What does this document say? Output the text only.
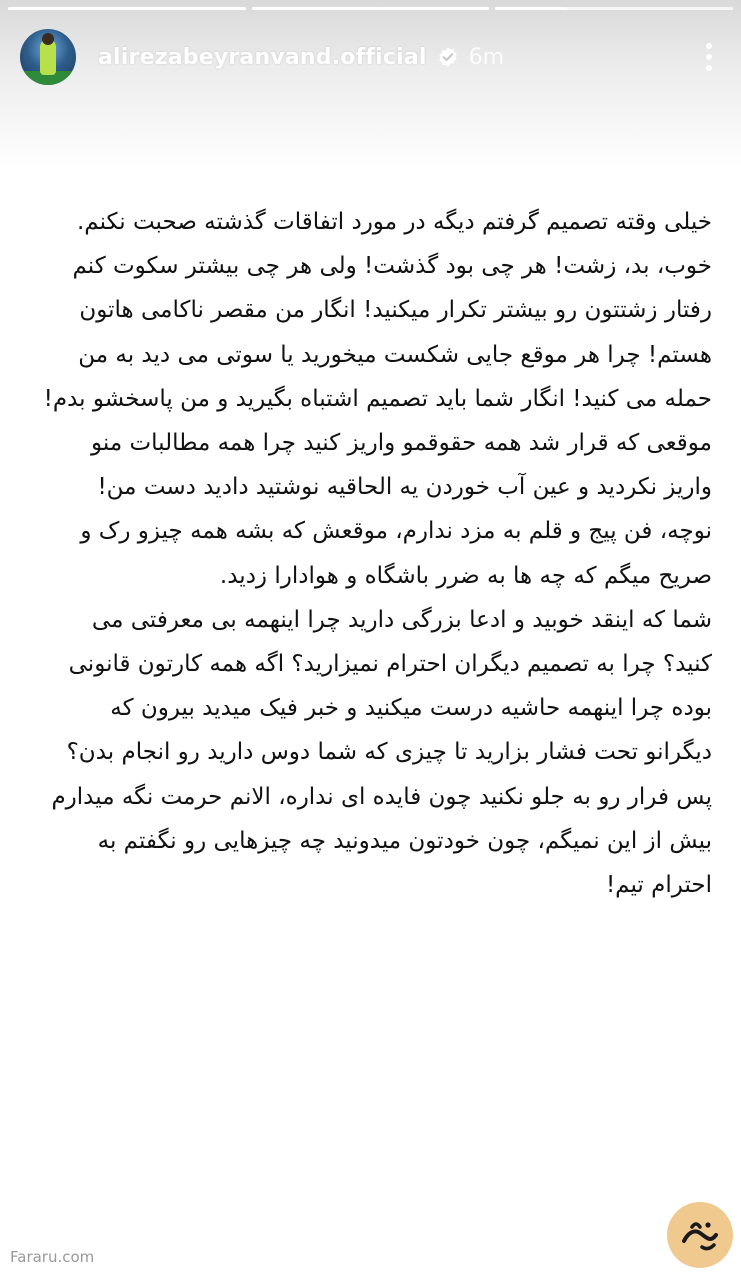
alirezabeyranvand.official 6m

خیلی وقته تصمیم گرفتم دیگه در مورد اتفاقات گذشته صحبت نکنم. خوب، بد، زشت! هر چی بود گذشت! ولی هر چی بیشتر سکوت کنم رفتار زشتتون رو بیشتر تکرار میکنید! انگار من مقصر ناکامی هاتون هستم! چرا هر موقع جایی شکست میخورید یا سوتی می دید به من حمله می کنید! انگار شما باید تصمیم اشتباه بگیرید و من پاسخشو بدم!

موقعی که قرار شد همه حقوقمو واریز کنید چرا همه مطالبات منو واریز نکردید و عین آب خوردن یه الحاقیه نوشتید دادید دست من!

نوچه، فن پیج و قلم به مزد ندارم، موقعش که بشه همه چیزو رک و صریح میگم که چه ها به ضرر باشگاه و هوادارا زدید.

شما که اینقد خوبید و ادعا بزرگی دارید چرا اینهمه بی معرفتی می کنید؟ چرا به تصمیم دیگران احترام نمیزارید؟ اگه همه کارتون قانونی بوده چرا اینهمه حاشیه درست میکنید و خبر فیک میدید بیرون که دیگرانو تحت فشار بزارید تا چیزی که شما دوس دارید رو انجام بدن؟ پس فرار رو به جلو نکنید چون فایده ای نداره، الانم حرمت نگه میدارم بیش از این نمیگم، چون خودتون میدونید چه چیزهایی رو نگفتم به احترام تیم!

Fararu.com
